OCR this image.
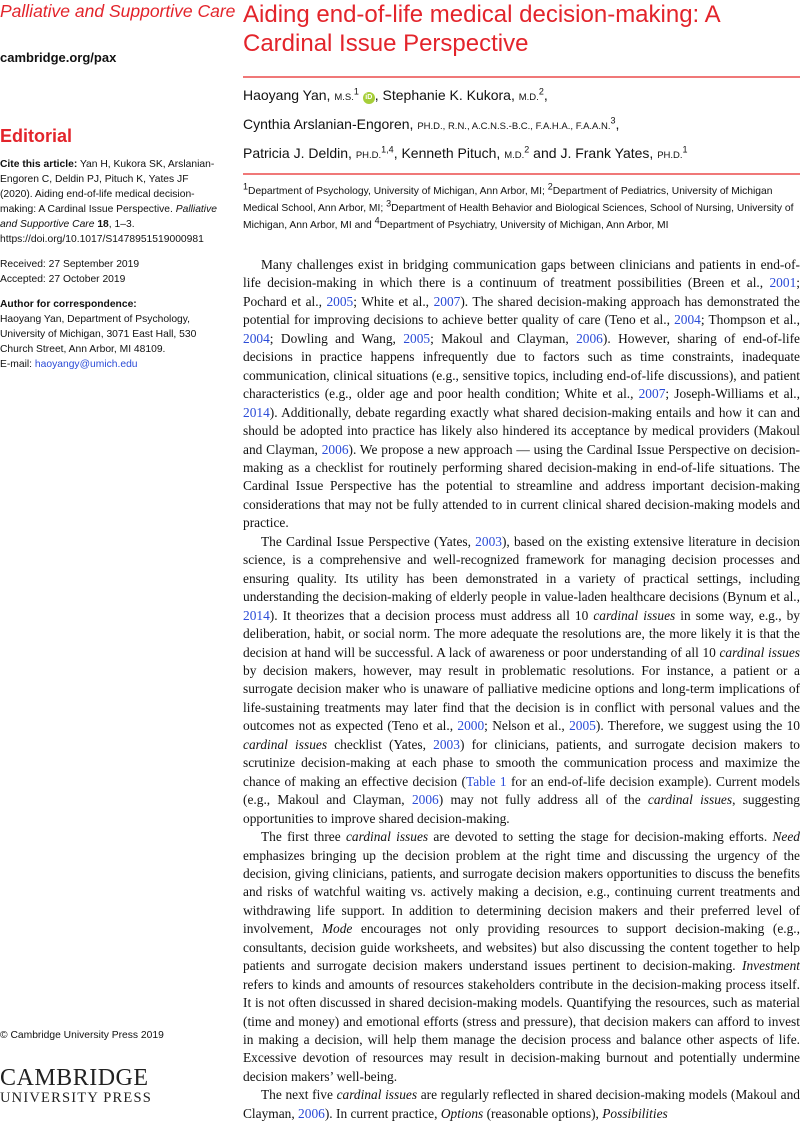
Palliative and Supportive Care
cambridge.org/pax
Editorial
Cite this article: Yan H, Kukora SK, Arslanian-Engoren C, Deldin PJ, Pituch K, Yates JF (2020). Aiding end-of-life medical decision-making: A Cardinal Issue Perspective. Palliative and Supportive Care 18, 1–3. https://doi.org/10.1017/S1478951519000981
Received: 27 September 2019
Accepted: 27 October 2019
Author for correspondence:
Haoyang Yan, Department of Psychology, University of Michigan, 3071 East Hall, 530 Church Street, Ann Arbor, MI 48109.
E-mail: haoyangy@umich.edu
© Cambridge University Press 2019
CAMBRIDGE
UNIVERSITY PRESS
Aiding end-of-life medical decision-making: A Cardinal Issue Perspective
Haoyang Yan, M.S.$^1$ iD , Stephanie K. Kukora, M.D.$^2$,
Cynthia Arslanian-Engoren, PH.D., R.N., A.C.N.S.-B.C., F.A.H.A., F.A.A.N.$^3$,
Patricia J. Deldin, PH.D.$^{1,4}$, Kenneth Pituch, M.D.$^2$ and J. Frank Yates, PH.D.$^1$
$^1$Department of Psychology, University of Michigan, Ann Arbor, MI; $^2$Department of Pediatrics, University of Michigan Medical School, Ann Arbor, MI; $^3$Department of Health Behavior and Biological Sciences, School of Nursing, University of Michigan, Ann Arbor, MI and $^4$Department of Psychiatry, University of Michigan, Ann Arbor, MI

Many challenges exist in bridging communication gaps between clinicians and patients in end-of-life decision-making in which there is a continuum of treatment possibilities (Breen et al., 2001; Pochard et al., 2005; White et al., 2007). The shared decision-making approach has demonstrated the potential for improving decisions to achieve better quality of care (Teno et al., 2004; Thompson et al., 2004; Dowling and Wang, 2005; Makoul and Clayman, 2006). However, sharing of end-of-life decisions in practice happens infrequently due to factors such as time constraints, inadequate communication, clinical situations (e.g., sensitive topics, including end-of-life discussions), and patient characteristics (e.g., older age and poor health condition; White et al., 2007; Joseph-Williams et al., 2014). Additionally, debate regarding exactly what shared decision-making entails and how it can and should be adopted into practice has likely also hindered its acceptance by medical providers (Makoul and Clayman, 2006). We propose a new approach — using the Cardinal Issue Perspective on decision-making as a checklist for routinely performing shared decision-making in end-of-life situations. The Cardinal Issue Perspective has the potential to streamline and address important decision-making considerations that may not be fully attended to in current clinical shared decision-making models and practice.

The Cardinal Issue Perspective (Yates, 2003), based on the existing extensive literature in decision science, is a comprehensive and well-recognized framework for managing decision processes and ensuring quality. Its utility has been demonstrated in a variety of practical settings, including understanding the decision-making of elderly people in value-laden healthcare decisions (Bynum et al., 2014). It theorizes that a decision process must address all 10 cardinal issues in some way, e.g., by deliberation, habit, or social norm. The more adequate the resolutions are, the more likely it is that the decision at hand will be successful. A lack of awareness or poor understanding of all 10 cardinal issues by decision makers, however, may result in problematic resolutions. For instance, a patient or a surrogate decision maker who is unaware of palliative medicine options and long-term implications of life-sustaining treatments may later find that the decision is in conflict with personal values and the outcomes not as expected (Teno et al., 2000; Nelson et al., 2005). Therefore, we suggest using the 10 cardinal issues checklist (Yates, 2003) for clinicians, patients, and surrogate decision makers to scrutinize decision-making at each phase to smooth the communication process and maximize the chance of making an effective decision (Table 1 for an end-of-life decision example). Current models (e.g., Makoul and Clayman, 2006) may not fully address all of the cardinal issues, suggesting opportunities to improve shared decision-making.

The first three cardinal issues are devoted to setting the stage for decision-making efforts. Need emphasizes bringing up the decision problem at the right time and discussing the urgency of the decision, giving clinicians, patients, and surrogate decision makers opportunities to discuss the benefits and risks of watchful waiting vs. actively making a decision, e.g., continuing current treatments and withdrawing life support. In addition to determining decision makers and their preferred level of involvement, Mode encourages not only providing resources to support decision-making (e.g., consultants, decision guide worksheets, and websites) but also discussing the content together to help patients and surrogate decision makers understand issues pertinent to decision-making. Investment refers to kinds and amounts of resources stakeholders contribute in the decision-making process itself. It is not often discussed in shared decision-making models. Quantifying the resources, such as material (time and money) and emotional efforts (stress and pressure), that decision makers can afford to invest in making a decision, will help them manage the decision process and balance other aspects of life. Excessive devotion of resources may result in decision-making burnout and potentially undermine decision makers’ well-being.

The next five cardinal issues are regularly reflected in shared decision-making models (Makoul and Clayman, 2006). In current practice, Options (reasonable options), Possibilities
